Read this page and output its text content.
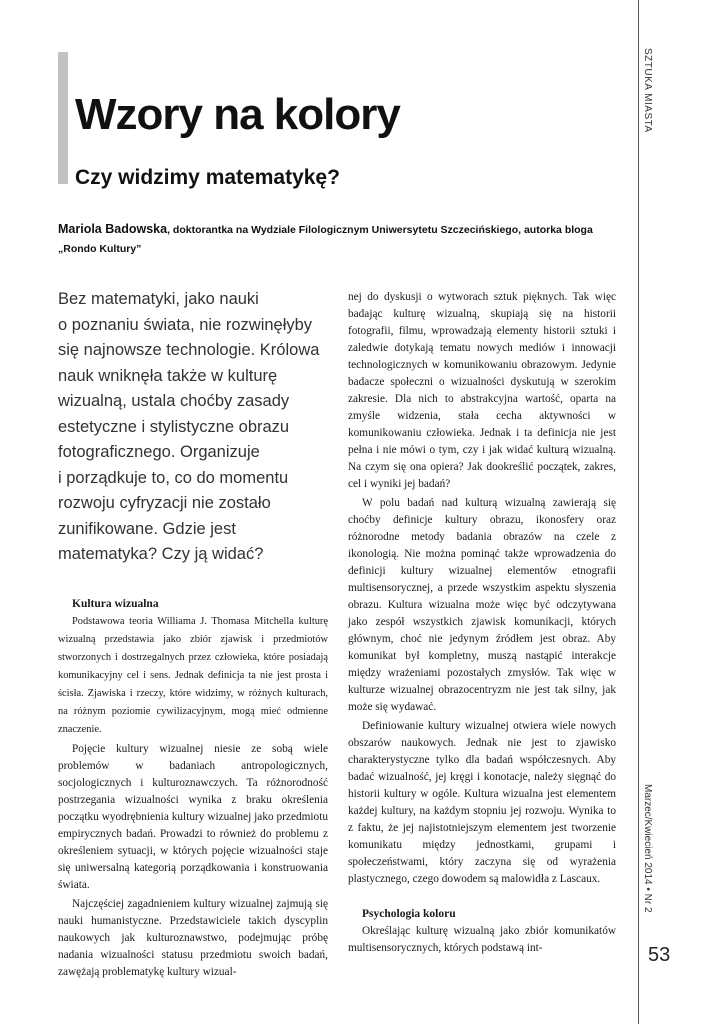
Wzory na kolory
Czy widzimy matematykę?
Mariola Badowska, doktorantka na Wydziale Filologicznym Uniwersytetu Szczecińskiego, autorka bloga „Rondo Kultury”
Bez matematyki, jako nauki
o poznaniu świata, nie rozwinęłyby
się najnowsze technologie. Królowa
nauk wniknęła także w kulturę
wizualną, ustala choćby zasady
estetyczne i stylistyczne obrazu
fotograficznego. Organizuje
i porządkuje to, co do momentu
rozwoju cyfryzacji nie zostało
zunifikowane. Gdzie jest
matematyka? Czy ją widać?
Kultura wizualna

Podstawowa teoria Williama J. Thomasa Mitchella kulturę wizualną przedstawia jako zbiór zjawisk i przedmiotów stworzonych i dostrzegalnych przez człowieka, które posiadają komunikacyjny cel i sens. Jednak definicja ta nie jest prosta i ścisła. Zjawiska i rzeczy, które widzimy, w różnych kulturach, na różnym poziomie cywilizacyjnym, mogą mieć odmienne znaczenie.

Pojęcie kultury wizualnej niesie ze sobą wiele problemów w badaniach antropologicznych, socjologicznych i kulturoznawczych. Ta różnorodność postrzegania wizualności wynika z braku określenia początku wyodrębnienia kultury wizualnej jako przedmiotu empirycznych badań. Prowadzi to również do problemu z określeniem sytuacji, w których pojęcie wizualności staje się uniwersalną kategorią porządkowania i konstruowania świata.

Najczęściej zagadnieniem kultury wizualnej zajmują się nauki humanistyczne. Przedstawiciele takich dyscyplin naukowych jak kulturoznawstwo, podejmując próbę nadania wizualności statusu przedmiotu swoich badań, zawężają problematykę kultury wizual-

nej do dyskusji o wytworach sztuk pięknych. Tak więc badając kulturę wizualną, skupiają się na historii fotografii, filmu, wprowadzają elementy historii sztuki i zaledwie dotykają tematu nowych mediów i innowacji technologicznych w komunikowaniu obrazowym. Jedynie badacze społeczni o wizualności dyskutują w szerokim zakresie. Dla nich to abstrakcyjna wartość, oparta na zmyśle widzenia, stała cecha aktywności w komunikowaniu człowieka. Jednak i ta definicja nie jest pełna i nie mówi o tym, czy i jak widać kulturą wizualną. Na czym się ona opiera? Jak dookreślić początek, zakres, cel i wyniki jej badań?

W polu badań nad kulturą wizualną zawierają się choćby definicje kultury obrazu, ikonosfery oraz różnorodne metody badania obrazów na czele z ikonologią. Nie można pominąć także wprowadzenia do definicji kultury wizualnej elementów etnografii multisensorycznej, a przede wszystkim aspektu słyszenia obrazu. Kultura wizualna może więc być odczytywana jako zespół wszystkich zjawisk komunikacji, których głównym, choć nie jedynym źródłem jest obraz. Aby komunikat był kompletny, muszą nastąpić interakcje między wrażeniami pozostałych zmysłów. Tak więc w kulturze wizualnej obrazocentryzm nie jest tak silny, jak może się wydawać.

Definiowanie kultury wizualnej otwiera wiele nowych obszarów naukowych. Jednak nie jest to zjawisko charakterystyczne tylko dla badań współczesnych. Aby badać wizualność, jej kręgi i konotacje, należy sięgnąć do historii kultury w ogóle. Kultura wizualna jest elementem każdej kultury, na każdym stopniu jej rozwoju. Wynika to z faktu, że jej najistotniejszym elementem jest tworzenie komunikatu między jednostkami, grupami i społeczeństwami, który zaczyna się od wyrażenia plastycznego, czego dowodem są malowidła z Lascaux.

Psychologia koloru

Określając kulturę wizualną jako zbiór komunikatów multisensorycznych, których podstawą int-

SZTUKA MIASTA
Marzec/Kwiecień 2014 • Nr 2
53
